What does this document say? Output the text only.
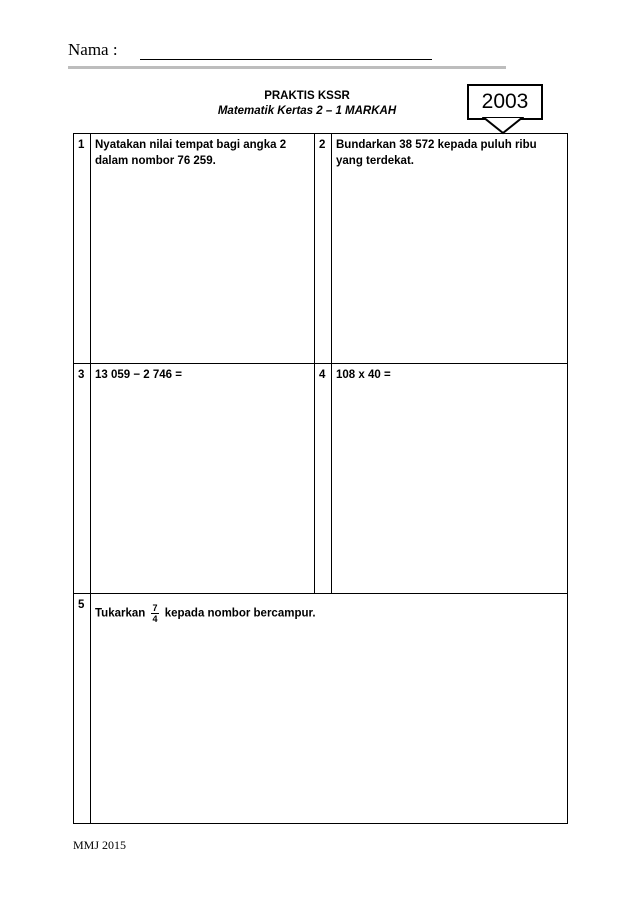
Nama :
PRAKTIS KSSR
Matematik Kertas 2 – 1 MARKAH	2003
1	Nyatakan nilai tempat bagi angka 2 dalam nombor 76 259.	2	Bundarkan 38 572 kepada puluh ribu yang terdekat.
3	13 059 − 2 746 =	4	108 x 40 =
5	Tukarkan $\frac{7}{4}$ kepada nombor bercampur.		
MMJ 2015
